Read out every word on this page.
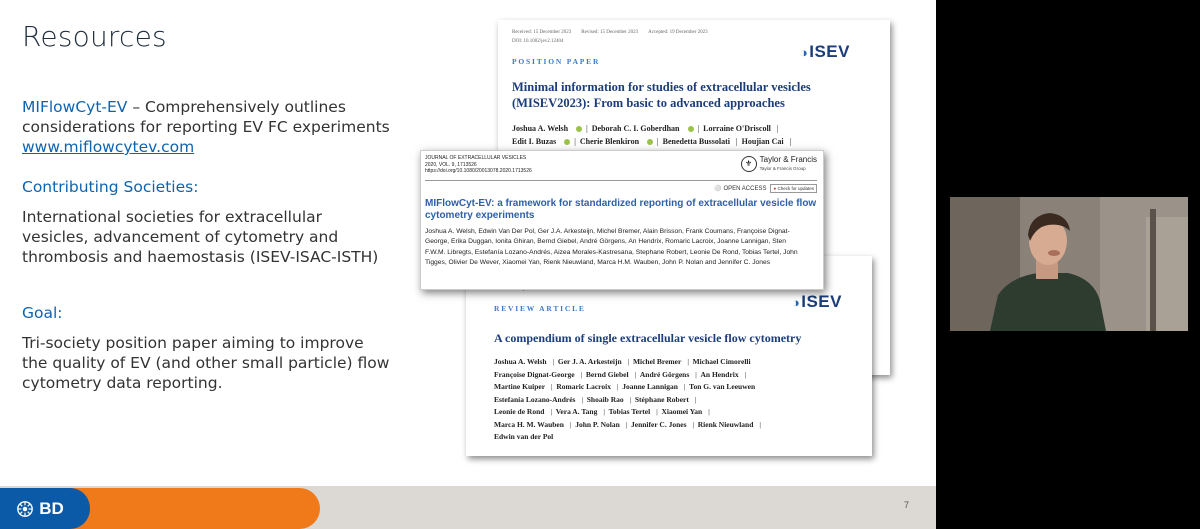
Resources
MIFlowCyt-EV – Comprehensively outlines considerations for reporting EV FC experiments
www.miflowcytev.com
Contributing Societies:
International societies for extracellular vesicles, advancement of cytometry and thrombosis and haemostasis (ISEV-ISAC-ISTH)
Goal:
Tri-society position paper aiming to improve the quality of EV (and other small particle) flow cytometry data reporting.
Received: 15 December 2023 Revised: 15 December 2023 Accepted: 19 December 2023
DOI: 10.1002/jev2.12404
◑ISEV
POSITION PAPER
Minimal information for studies of extracellular vesicles (MISEV2023): From basic to advanced approaches
Joshua A. Welsh |  Deborah C. I. Goberdhan |  Lorraine O'Driscoll |
Edit I. Buzas |  Cherie Blenkiron |  Benedetta Bussolati |  Houjian Cai |
◑ISEV
REVIEW ARTICLE
A compendium of single extracellular vesicle flow cytometry
Joshua A. Welsh |  Ger J. A. Arkesteijn |  Michel Bremer |  Michael Cimorelli
Françoise Dignat-George |  Bernd Giebel |  André Görgens |  An Hendrix |
Martine Kuiper |  Romaric Lacroix |  Joanne Lannigan |  Ton G. van Leeuwen
Estefanía Lozano-Andrés |  Shoaib Rao |  Stéphane Robert |
Leonie de Rond |  Vera A. Tang |  Tobias Tertel |  Xiaomei Yan |
Marca H. M. Wauben |  John P. Nolan |  Jennifer C. Jones |  Rienk Nieuwland |
Edwin van der Pol
JOURNAL OF EXTRACELLULAR VESICLES
2020, VOL. 9, 1713526
https://doi.org/10.1080/20013078.2020.1713526
⚜ Taylor & Francis
Taylor & Francis Group
⚪ OPEN ACCESS	● Check for updates
MIFlowCyt-EV: a framework for standardized reporting of extracellular vesicle flow cytometry experiments
Joshua A. Welsh, Edwin Van Der Pol, Ger J.A. Arkesteijn, Michel Bremer, Alain Brisson, Frank Coumans, Françoise Dignat-George, Erika Duggan, Ionita Ghiran, Bernd Giebel, André Görgens, An Hendrix, Romaric Lacroix, Joanne Lannigan, Sten F.W.M. Libregts, Estefanía Lozano-Andrés, Aizea Morales-Kastresana, Stephane Robert, Leonie De Rond, Tobias Tertel, John Tigges, Olivier De Wever, Xiaomei Yan, Rienk Nieuwland, Marca H.M. Wauben, John P. Nolan and Jennifer C. Jones
BD	7
